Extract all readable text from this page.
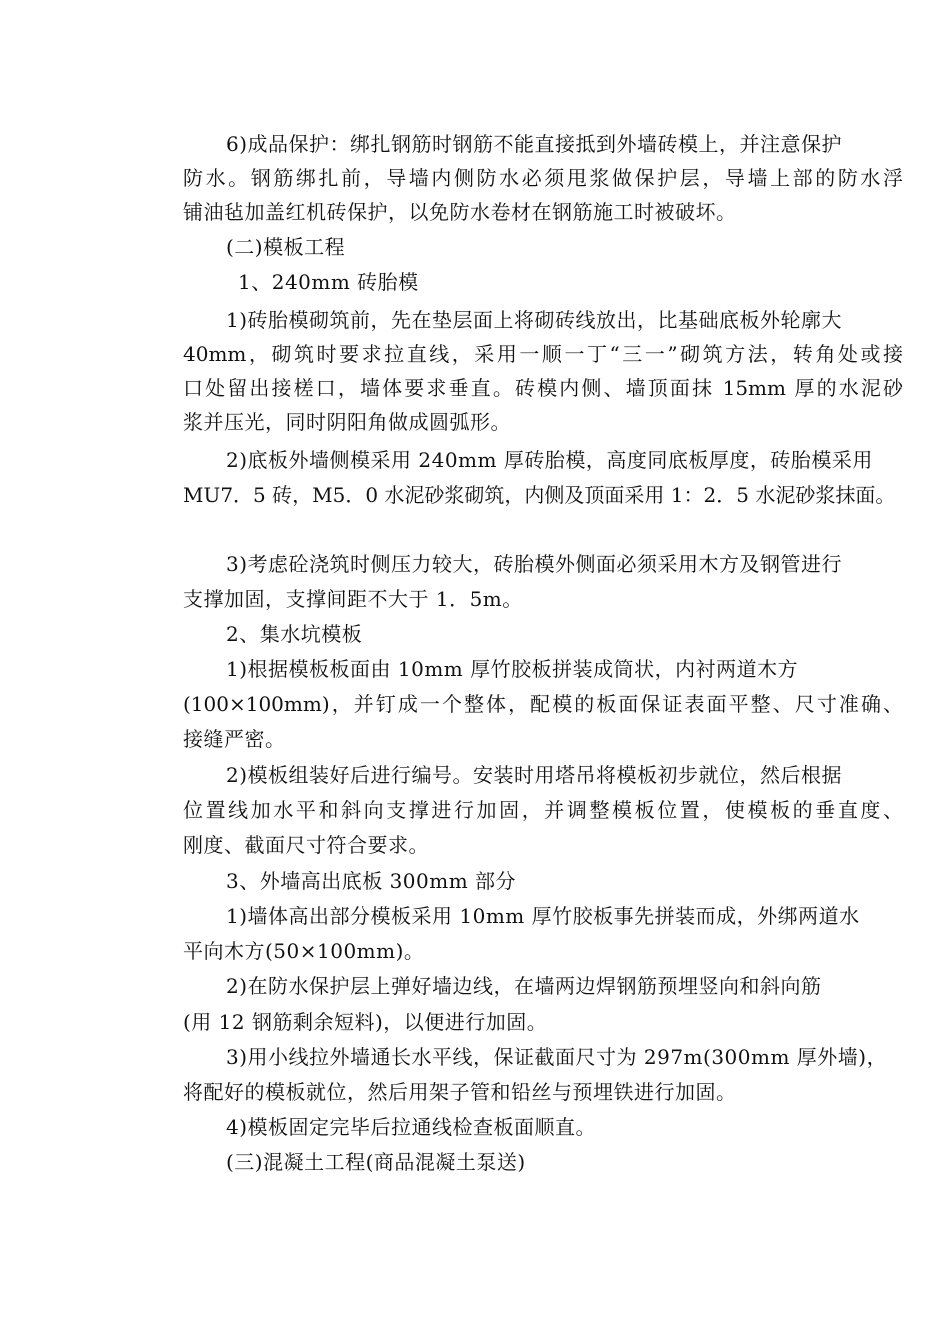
6)成品保护：绑扎钢筋时钢筋不能直接抵到外墙砖模上，并注意保护
防水。钢筋绑扎前，导墙内侧防水必须甩浆做保护层，导墙上部的防水浮
铺油毡加盖红机砖保护，以免防水卷材在钢筋施工时被破坏。
(二)模板工程
1、240mm 砖胎模
1)砖胎模砌筑前，先在垫层面上将砌砖线放出，比基础底板外轮廓大
40mm，砌筑时要求拉直线，采用一顺一丁“三一”砌筑方法，转角处或接
口处留出接槎口，墙体要求垂直。砖模内侧、墙顶面抹 15mm 厚的水泥砂
浆并压光，同时阴阳角做成圆弧形。
2)底板外墙侧模采用 240mm 厚砖胎模，高度同底板厚度，砖胎模采用
MU7．5 砖，M5．0 水泥砂浆砌筑，内侧及顶面采用 1：2．5 水泥砂浆抹面。
3)考虑砼浇筑时侧压力较大，砖胎模外侧面必须采用木方及钢管进行
支撑加固，支撑间距不大于 1．5m。
2、集水坑模板
1)根据模板板面由 10mm 厚竹胶板拼装成筒状，内衬两道木方
(100×100mm)，并钉成一个整体，配模的板面保证表面平整、尺寸准确、
接缝严密。
2)模板组装好后进行编号。安装时用塔吊将模板初步就位，然后根据
位置线加水平和斜向支撑进行加固，并调整模板位置，使模板的垂直度、
刚度、截面尺寸符合要求。
3、外墙高出底板 300mm 部分
1)墙体高出部分模板采用 10mm 厚竹胶板事先拼装而成，外绑两道水
平向木方(50×100mm)。
2)在防水保护层上弹好墙边线，在墙两边焊钢筋预埋竖向和斜向筋
(用 12 钢筋剩余短料)，以便进行加固。
3)用小线拉外墙通长水平线，保证截面尺寸为 297m(300mm 厚外墙)，
将配好的模板就位，然后用架子管和铅丝与预埋铁进行加固。
4)模板固定完毕后拉通线检查板面顺直。
(三)混凝土工程(商品混凝土泵送)
